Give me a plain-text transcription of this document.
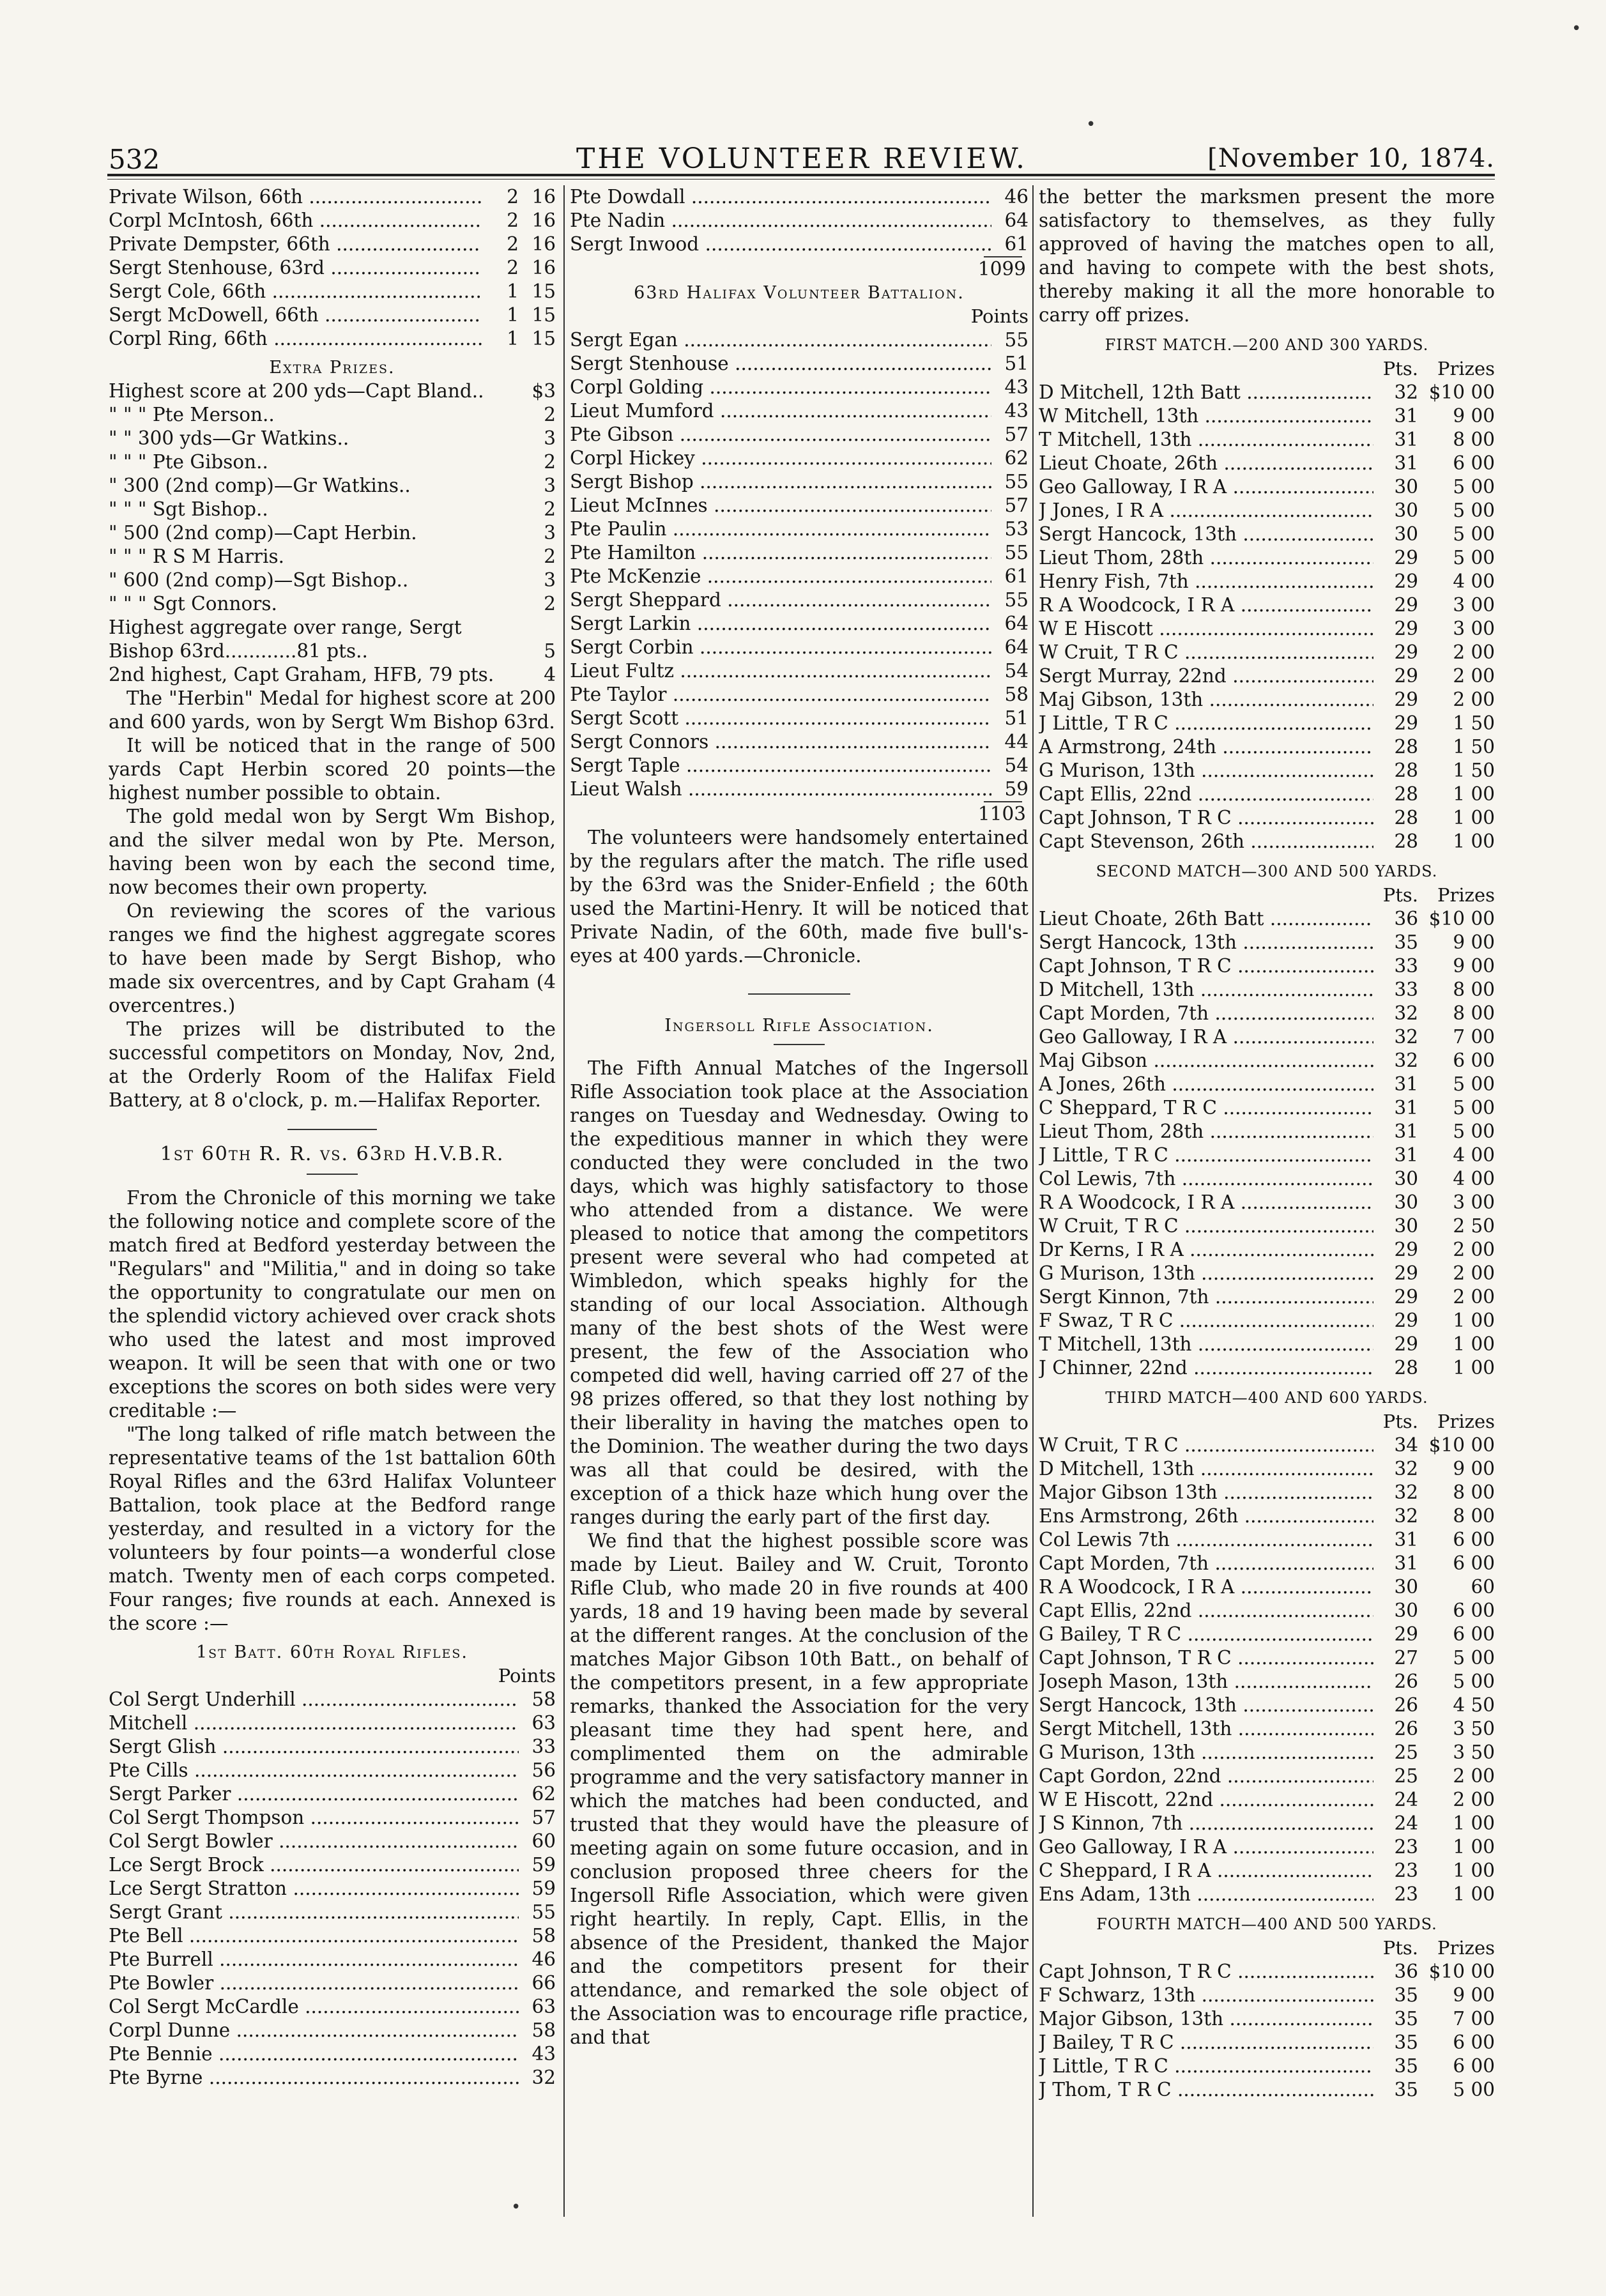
532	THE VOLUNTEER REVIEW.	[November 10, 1874.
Private Wilson, 66th .....	2 16
Corpl McIntosh, 66th .....	2 16
Private Dempster, 66th .....	2 16
Sergt Stenhouse, 63rd .....	2 16
Sergt Cole, 66th .....	1 15
Sergt McDowell, 66th .....	1 15
Corpl Ring, 66th .....	1 15
Extra Prizes.
Highest score at 200 yds—Capt Bland..	$3
" " " Pte Merson..	2
" " 300 yds—Gr Watkins..	3
" " " Pte Gibson..	2
" 300 (2nd comp)—Gr Watkins..	3
" " " Sgt Bishop..	2
" 500 (2nd comp)—Capt Herbin.	3
" " " R S M Harris.	2
" 600 (2nd comp)—Sgt Bishop..	3
" " " Sgt Connors.	2
Highest aggregate over range, Sergt
Bishop 63rd............81 pts..	5
2nd highest, Capt Graham, HFB, 79 pts.	4

The "Herbin" Medal for highest score at 200 and 600 yards, won by Sergt Wm Bishop 63rd.

It will be noticed that in the range of 500 yards Capt Herbin scored 20 points—the highest number possible to obtain.

The gold medal won by Sergt Wm Bishop, and the silver medal won by Pte. Merson, having been won by each the second time, now becomes their own property.

On reviewing the scores of the various ranges we find the highest aggregate scores to have been made by Sergt Bishop, who made six overcentres, and by Capt Graham (4 overcentres.)

The prizes will be distributed to the successful competitors on Monday, Nov, 2nd, at the Orderly Room of the Halifax Field Battery, at 8 o'clock, p. m.—Halifax Reporter.

1st 60th R. R. vs. 63rd H.V.B.R.

From the Chronicle of this morning we take the following notice and complete score of the match fired at Bedford yesterday between the "Regulars" and "Militia," and in doing so take the opportunity to congratulate our men on the splendid victory achieved over crack shots who used the latest and most improved weapon. It will be seen that with one or two exceptions the scores on both sides were very creditable :—

"The long talked of rifle match between the representative teams of the 1st battalion 60th Royal Rifles and the 63rd Halifax Volunteer Battalion, took place at the Bedford range yesterday, and resulted in a victory for the volunteers by four points—a wonderful close match. Twenty men of each corps competed. Four ranges; five rounds at each. Annexed is the score :—

1st Batt. 60th Royal Rifles.
Points
Col Sergt Underhill .....	58
Mitchell .....	63
Sergt Glish .....	33
Pte Cills .....	56
Sergt Parker .....	62
Col Sergt Thompson .....	57
Col Sergt Bowler .....	60
Lce Sergt Brock .....	59
Lce Sergt Stratton .....	59
Sergt Grant .....	55
Pte Bell .....	58
Pte Burrell .....	46
Pte Bowler .....	66
Col Sergt McCardle .....	63
Corpl Dunne .....	58
Pte Bennie .....	43
Pte Byrne .....	32
Pte Dowdall .....	46
Pte Nadin .....	64
Sergt Inwood .....	61
1099
63rd Halifax Volunteer Battalion.
Points
Sergt Egan .....	55
Sergt Stenhouse .....	51
Corpl Golding .....	43
Lieut Mumford .....	43
Pte Gibson .....	57
Corpl Hickey .....	62
Sergt Bishop .....	55
Lieut McInnes .....	57
Pte Paulin .....	53
Pte Hamilton .....	55
Pte McKenzie .....	61
Sergt Sheppard .....	55
Sergt Larkin .....	64
Sergt Corbin .....	64
Lieut Fultz .....	54
Pte Taylor .....	58
Sergt Scott .....	51
Sergt Connors .....	44
Sergt Taple .....	54
Lieut Walsh .....	59
1103

The volunteers were handsomely entertained by the regulars after the match. The rifle used by the 63rd was the Snider-Enfield ; the 60th used the Martini-Henry. It will be noticed that Private Nadin, of the 60th, made five bull's-eyes at 400 yards.—Chronicle.

Ingersoll Rifle Association.

The Fifth Annual Matches of the Ingersoll Rifle Association took place at the Association ranges on Tuesday and Wednesday. Owing to the expeditious manner in which they were conducted they were concluded in the two days, which was highly satisfactory to those who attended from a distance. We were pleased to notice that among the competitors present were several who had competed at Wimbledon, which speaks highly for the standing of our local Association. Although many of the best shots of the West were present, the few of the Association who competed did well, having carried off 27 of the 98 prizes offered, so that they lost nothing by their liberality in having the matches open to the Dominion. The weather during the two days was all that could be desired, with the exception of a thick haze which hung over the ranges during the early part of the first day.

We find that the highest possible score was made by Lieut. Bailey and W. Cruit, Toronto Rifle Club, who made 20 in five rounds at 400 yards, 18 and 19 having been made by several at the different ranges. At the conclusion of the matches Major Gibson 10th Batt., on behalf of the competitors present, in a few appropriate remarks, thanked the Association for the very pleasant time they had spent here, and complimented them on the admirable programme and the very satisfactory manner in which the matches had been conducted, and trusted that they would have the pleasure of meeting again on some future occasion, and in conclusion proposed three cheers for the Ingersoll Rifle Association, which were given right heartily. In reply, Capt. Ellis, in the absence of the President, thanked the Major and the competitors present for their attendance, and remarked the sole object of the Association was to encourage rifle practice, and that

the better the marksmen present the more satisfactory to themselves, as they fully approved of having the matches open to all, and having to compete with the best shots, thereby making it all the more honorable to carry off prizes.

FIRST MATCH.—200 AND 300 YARDS.
Pts.	Prizes
D Mitchell, 12th Batt .....	32 $10 00
W Mitchell, 13th .....	31	9 00
T Mitchell, 13th .....	31	8 00
Lieut Choate, 26th .....	31	6 00
Geo Galloway, I R A .....	30	5 00
J Jones, I R A .....	30	5 00
Sergt Hancock, 13th .....	30	5 00
Lieut Thom, 28th .....	29	5 00
Henry Fish, 7th .....	29	4 00
R A Woodcock, I R A .....	29	3 00
W E Hiscott .....	29	3 00
W Cruit, T R C .....	29	2 00
Sergt Murray, 22nd .....	29	2 00
Maj Gibson, 13th .....	29	2 00
J Little, T R C .....	29	1 50
A Armstrong, 24th .....	28	1 50
G Murison, 13th .....	28	1 50
Capt Ellis, 22nd .....	28	1 00
Capt Johnson, T R C .....	28	1 00
Capt Stevenson, 26th .....	28	1 00
SECOND MATCH—300 AND 500 YARDS.
Pts.	Prizes
Lieut Choate, 26th Batt .....	36 $10 00
Sergt Hancock, 13th .....	35	9 00
Capt Johnson, T R C .....	33	9 00
D Mitchell, 13th .....	33	8 00
Capt Morden, 7th .....	32	8 00
Geo Galloway, I R A .....	32	7 00
Maj Gibson .....	32	6 00
A Jones, 26th .....	31	5 00
C Sheppard, T R C .....	31	5 00
Lieut Thom, 28th .....	31	5 00
J Little, T R C .....	31	4 00
Col Lewis, 7th .....	30	4 00
R A Woodcock, I R A .....	30	3 00
W Cruit, T R C .....	30	2 50
Dr Kerns, I R A .....	29	2 00
G Murison, 13th .....	29	2 00
Sergt Kinnon, 7th .....	29	2 00
F Swaz, T R C .....	29	1 00
T Mitchell, 13th .....	29	1 00
J Chinner, 22nd .....	28	1 00
THIRD MATCH—400 AND 600 YARDS.
Pts.	Prizes
W Cruit, T R C .....	34 $10 00
D Mitchell, 13th .....	32	9 00
Major Gibson 13th .....	32	8 00
Ens Armstrong, 26th .....	32	8 00
Col Lewis 7th .....	31	6 00
Capt Morden, 7th .....	31	6 00
R A Woodcock, I R A .....	30	60
Capt Ellis, 22nd .....	30	6 00
G Bailey, T R C .....	29	6 00
Capt Johnson, T R C .....	27	5 00
Joseph Mason, 13th .....	26	5 00
Sergt Hancock, 13th .....	26	4 50
Sergt Mitchell, 13th .....	26	3 50
G Murison, 13th .....	25	3 50
Capt Gordon, 22nd .....	25	2 00
W E Hiscott, 22nd .....	24	2 00
J S Kinnon, 7th .....	24	1 00
Geo Galloway, I R A .....	23	1 00
C Sheppard, I R A .....	23	1 00
Ens Adam, 13th .....	23	1 00
FOURTH MATCH—400 AND 500 YARDS.
Pts.	Prizes
Capt Johnson, T R C .....	36 $10 00
F Schwarz, 13th .....	35	9 00
Major Gibson, 13th .....	35	7 00
J Bailey, T R C .....	35	6 00
J Little, T R C .....	35	6 00
J Thom, T R C .....	35	5 00
•
•
•
